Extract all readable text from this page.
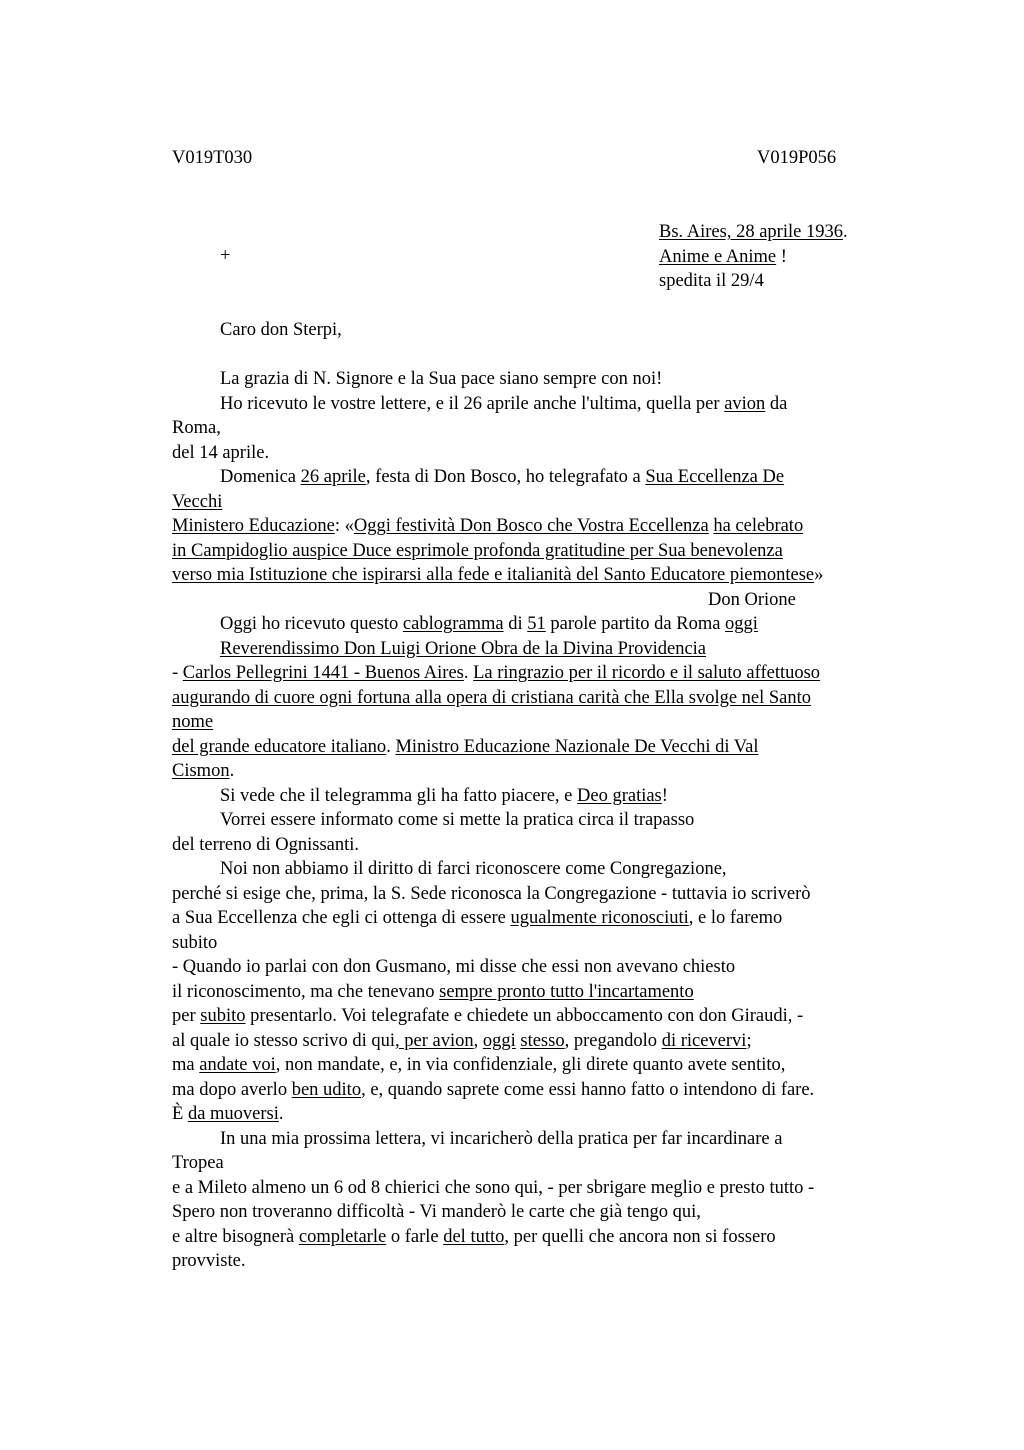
V019T030	V019P056
Bs. Aires, 28 aprile 1936.
Anime e Anime !
spedita il 29/4
+
Caro don Sterpi,
La grazia di N. Signore e la Sua pace siano sempre con noi!
Ho ricevuto le vostre lettere, e il 26 aprile anche l'ultima, quella per avion da
Roma,
del 14 aprile.
Domenica 26 aprile, festa di Don Bosco, ho telegrafato a Sua Eccellenza De
Vecchi
Ministero Educazione: «Oggi festività Don Bosco che Vostra Eccellenza ha celebrato
in Campidoglio auspice Duce esprimole profonda gratitudine per Sua benevolenza
verso mia Istituzione che ispirarsi alla fede e italianità del Santo Educatore piemontese»
Don Orione
Oggi ho ricevuto questo cablogramma di 51 parole partito da Roma oggi
Reverendissimo Don Luigi Orione Obra de la Divina Providencia
- Carlos Pellegrini 1441 - Buenos Aires. La ringrazio per il ricordo e il saluto affettuoso
augurando di cuore ogni fortuna alla opera di cristiana carità che Ella svolge nel Santo
nome
del grande educatore italiano. Ministro Educazione Nazionale De Vecchi di Val
Cismon.
Si vede che il telegramma gli ha fatto piacere, e Deo gratias!
Vorrei essere informato come si mette la pratica circa il trapasso
del terreno di Ognissanti.
Noi non abbiamo il diritto di farci riconoscere come Congregazione,
perché si esige che, prima, la S. Sede riconosca la Congregazione - tuttavia io scriverò
a Sua Eccellenza che egli ci ottenga di essere ugualmente riconosciuti, e lo faremo
subito
- Quando io parlai con don Gusmano, mi disse che essi non avevano chiesto
il riconoscimento, ma che tenevano sempre pronto tutto l'incartamento
per subito presentarlo. Voi telegrafate e chiedete un abboccamento con don Giraudi, -
al quale io stesso scrivo di qui, per avion, oggi stesso, pregandolo di ricevervi;
ma andate voi, non mandate, e, in via confidenziale, gli direte quanto avete sentito,
ma dopo averlo ben udito, e, quando saprete come essi hanno fatto o intendono di fare.
È da muoversi.
In una mia prossima lettera, vi incaricherò della pratica per far incardinare a
Tropea
e a Mileto almeno un 6 od 8 chierici che sono qui, - per sbrigare meglio e presto tutto -
Spero non troveranno difficoltà - Vi manderò le carte che già tengo qui,
e altre bisognerà completarle o farle del tutto, per quelli che ancora non si fossero
provviste.
